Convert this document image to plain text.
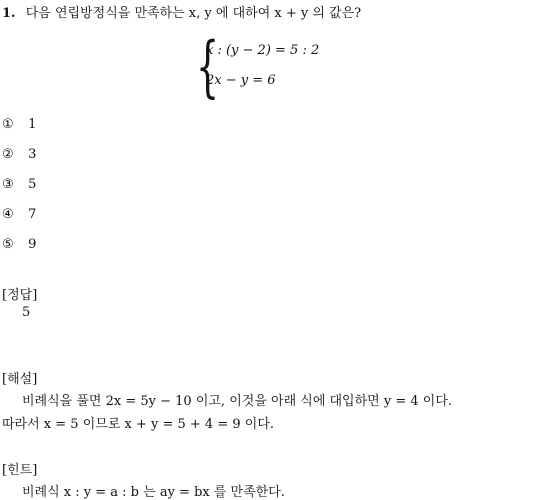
1. 다음 연립방정식을 만족하는 x, y 에 대하여 x + y 의 값은?
{
x : (y − 2) = 5 : 2
2x − y = 6
① 1
② 3
③ 5
④ 7
⑤ 9
[정답]
5
[해설]
비례식을 풀면 2x = 5y − 10 이고, 이것을 아래 식에 대입하면 y = 4 이다.
따라서 x = 5 이므로 x + y = 5 + 4 = 9 이다.
[힌트]
비례식 x : y = a : b 는 ay = bx 를 만족한다.
